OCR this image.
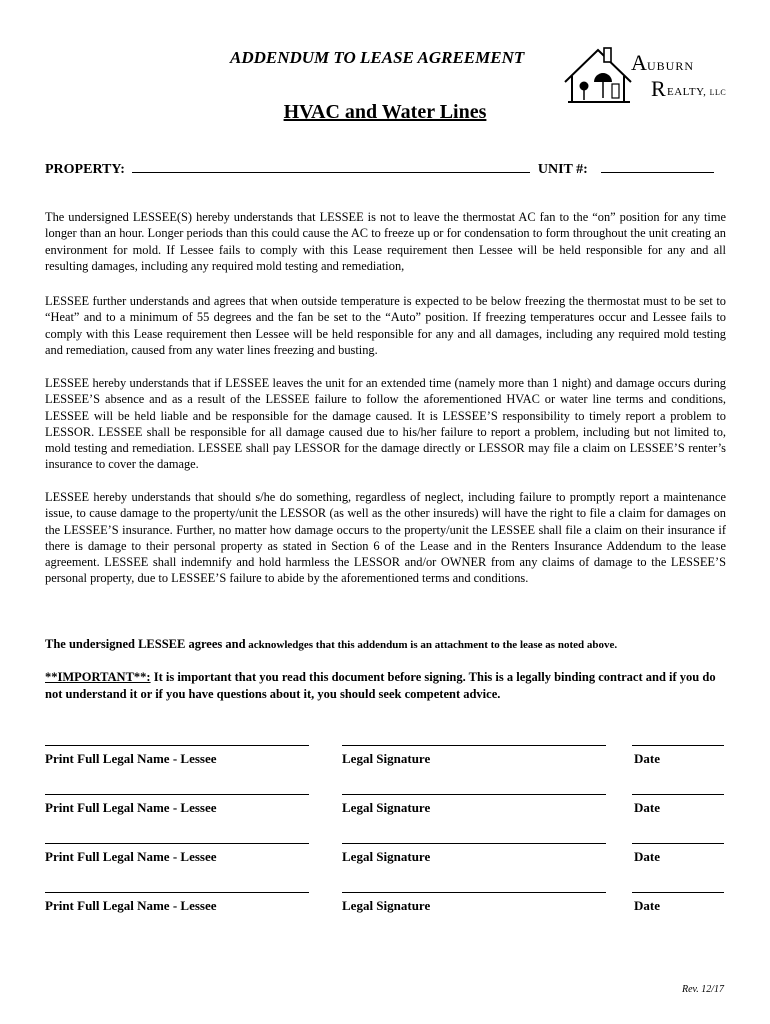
ADDENDUM TO LEASE AGREEMENT	A UBURN
R EALTY, LLC
HVAC and Water Lines
PROPERTY:	UNIT #:

The undersigned LESSEE(S) hereby understands that LESSEE is not to leave the thermostat AC fan to the “on” position for any time longer than an hour. Longer periods than this could cause the AC to freeze up or for condensation to form throughout the unit creating an environment for mold. If Lessee fails to comply with this Lease requirement then Lessee will be held responsible for any and all resulting damages, including any required mold testing and remediation,

LESSEE further understands and agrees that when outside temperature is expected to be below freezing the thermostat must to be set to “Heat” and to a minimum of 55 degrees and the fan be set to the “Auto” position. If freezing temperatures occur and Lessee fails to comply with this Lease requirement then Lessee will be held responsible for any and all damages, including any required mold testing and remediation, caused from any water lines freezing and busting.

LESSEE hereby understands that if LESSEE leaves the unit for an extended time (namely more than 1 night) and damage occurs during LESSEE’S absence and as a result of the LESSEE failure to follow the aforementioned HVAC or water line terms and conditions, LESSEE will be held liable and be responsible for the damage caused. It is LESSEE’S responsibility to timely report a problem to LESSOR. LESSEE shall be responsible for all damage caused due to his/her failure to report a problem, including but not limited to, mold testing and remediation. LESSEE shall pay LESSOR for the damage directly or LESSOR may file a claim on LESSEE’S renter’s insurance to cover the damage.

LESSEE hereby understands that should s/he do something, regardless of neglect, including failure to promptly report a maintenance issue, to cause damage to the property/unit the LESSOR (as well as the other insureds) will have the right to file a claim for damages on the LESSEE’S insurance. Further, no matter how damage occurs to the property/unit the LESSEE shall file a claim on their insurance if there is damage to their personal property as stated in Section 6 of the Lease and in the Renters Insurance Addendum to the lease agreement. LESSEE shall indemnify and hold harmless the LESSOR and/or OWNER from any claims of damage to the LESSEE’S personal property, due to LESSEE’S failure to abide by the aforementioned terms and conditions.

The undersigned LESSEE agrees and acknowledges that this addendum is an attachment to the lease as noted above.
**IMPORTANT**: It is important that you read this document before signing. This is a legally binding contract and if you do not understand it or if you have questions about it, you should seek competent advice.
Print Full Legal Name - Lessee	Legal Signature	Date
Print Full Legal Name - Lessee	Legal Signature	Date
Print Full Legal Name - Lessee	Legal Signature	Date
Print Full Legal Name - Lessee	Legal Signature	Date
Rev. 12/17
